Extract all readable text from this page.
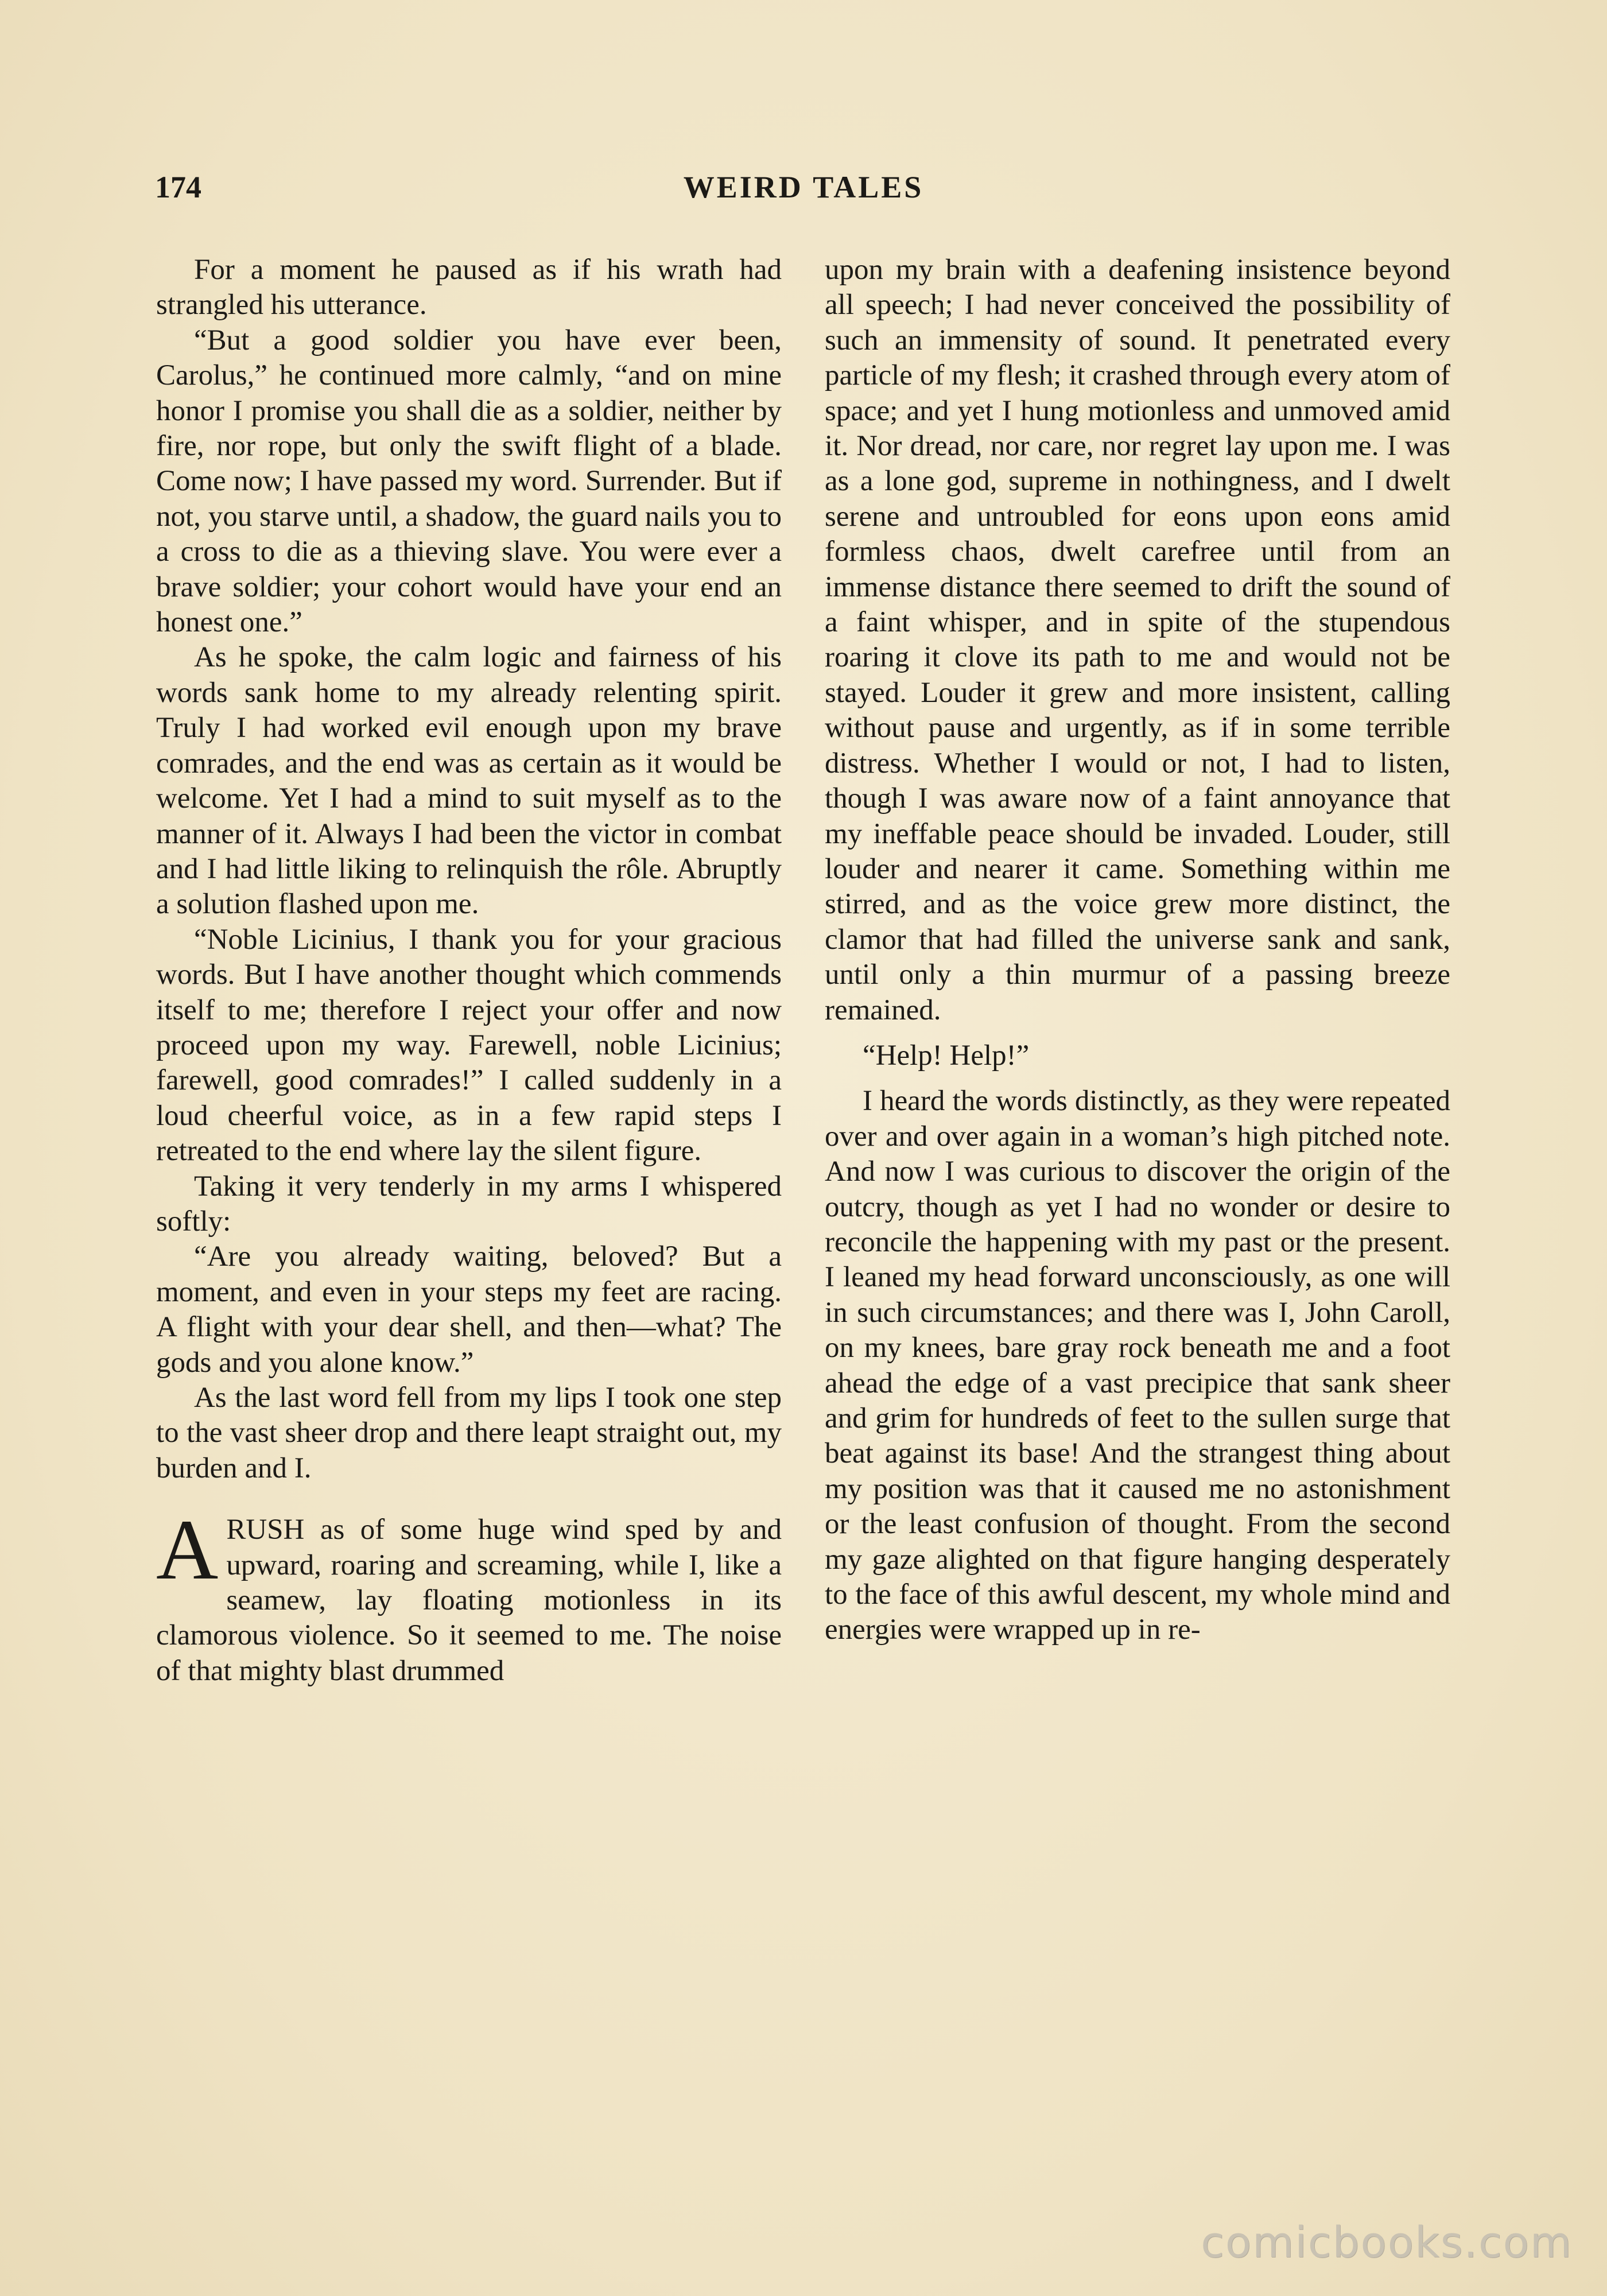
174	WEIRD TALES

For a moment he paused as if his wrath had strangled his utterance.

“But a good soldier you have ever been, Carolus,” he continued more calmly, “and on mine honor I promise you shall die as a soldier, neither by fire, nor rope, but only the swift flight of a blade. Come now; I have passed my word. Surrender. But if not, you starve until, a shadow, the guard nails you to a cross to die as a thieving slave. You were ever a brave soldier; your cohort would have your end an honest one.”

As he spoke, the calm logic and fairness of his words sank home to my already relenting spirit. Truly I had worked evil enough upon my brave comrades, and the end was as certain as it would be welcome. Yet I had a mind to suit myself as to the manner of it. Always I had been the victor in combat and I had little liking to relinquish the rôle. Abruptly a solution flashed upon me.

“Noble Licinius, I thank you for your gracious words. But I have another thought which commends itself to me; therefore I reject your offer and now proceed upon my way. Farewell, noble Licinius; farewell, good comrades!” I called suddenly in a loud cheerful voice, as in a few rapid steps I retreated to the end where lay the silent figure.

Taking it very tenderly in my arms I whispered softly:

“Are you already waiting, beloved? But a moment, and even in your steps my feet are racing. A flight with your dear shell, and then—what? The gods and you alone know.”

As the last word fell from my lips I took one step to the vast sheer drop and there leapt straight out, my burden and I.

ARUSH as of some huge wind sped by and upward, roaring and screaming, while I, like a seamew, lay floating motionless in its clamorous violence. So it seemed to me. The noise of that mighty blast drummed

upon my brain with a deafening insistence beyond all speech; I had never conceived the possibility of such an immensity of sound. It penetrated every particle of my flesh; it crashed through every atom of space; and yet I hung motionless and unmoved amid it. Nor dread, nor care, nor regret lay upon me. I was as a lone god, supreme in nothingness, and I dwelt serene and untroubled for eons upon eons amid formless chaos, dwelt carefree until from an immense distance there seemed to drift the sound of a faint whisper, and in spite of the stupendous roaring it clove its path to me and would not be stayed. Louder it grew and more insistent, calling without pause and urgently, as if in some terrible distress. Whether I would or not, I had to listen, though I was aware now of a faint annoyance that my ineffable peace should be invaded. Louder, still louder and nearer it came. Something within me stirred, and as the voice grew more distinct, the clamor that had filled the universe sank and sank, until only a thin murmur of a passing breeze remained.

“Help! Help!”

I heard the words distinctly, as they were repeated over and over again in a woman’s high pitched note. And now I was curious to discover the origin of the outcry, though as yet I had no wonder or desire to reconcile the happening with my past or the present. I leaned my head forward unconsciously, as one will in such circumstances; and there was I, John Caroll, on my knees, bare gray rock beneath me and a foot ahead the edge of a vast precipice that sank sheer and grim for hundreds of feet to the sullen surge that beat against its base! And the strangest thing about my position was that it caused me no astonishment or the least confusion of thought. From the second my gaze alighted on that figure hanging desperately to the face of this awful descent, my whole mind and energies were wrapped up in re-

comicbooks.com
